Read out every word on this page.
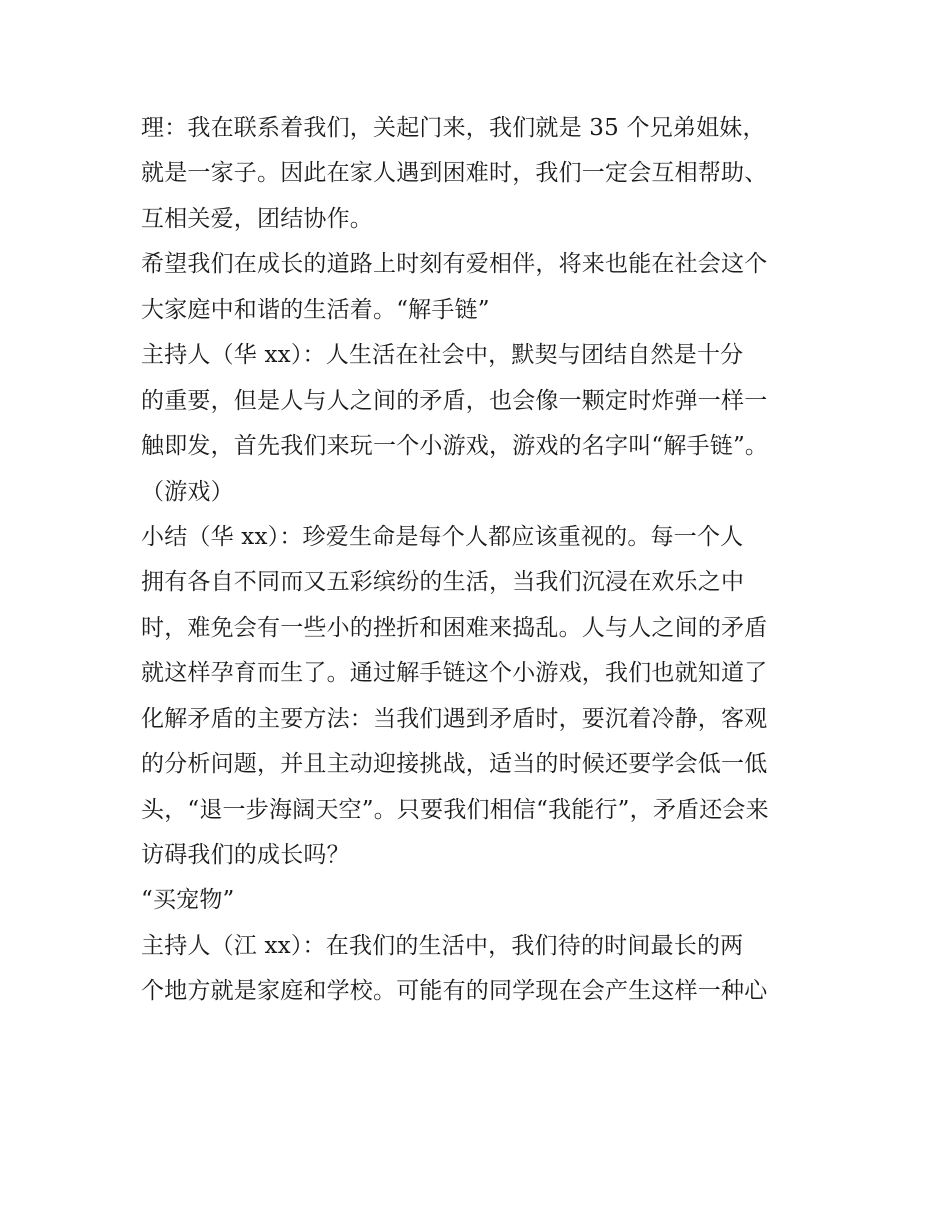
理：我在联系着我们，关起门来，我们就是 35 个兄弟姐妹，
就是一家子。因此在家人遇到困难时，我们一定会互相帮助、
互相关爱，团结协作。
希望我们在成长的道路上时刻有爱相伴，将来也能在社会这个
大家庭中和谐的生活着。“解手链”
主持人（华 xx）：人生活在社会中，默契与团结自然是十分
的重要，但是人与人之间的矛盾，也会像一颗定时炸弹一样一
触即发，首先我们来玩一个小游戏，游戏的名字叫“解手链”。
（游戏）
小结（华 xx）：珍爱生命是每个人都应该重视的。每一个人
拥有各自不同而又五彩缤纷的生活，当我们沉浸在欢乐之中
时，难免会有一些小的挫折和困难来捣乱。人与人之间的矛盾
就这样孕育而生了。通过解手链这个小游戏，我们也就知道了
化解矛盾的主要方法：当我们遇到矛盾时，要沉着冷静，客观
的分析问题，并且主动迎接挑战，适当的时候还要学会低一低
头，“退一步海阔天空”。只要我们相信“我能行”，矛盾还会来
访碍我们的成长吗？
“买宠物”
主持人（江 xx）：在我们的生活中，我们待的时间最长的两
个地方就是家庭和学校。可能有的同学现在会产生这样一种心
